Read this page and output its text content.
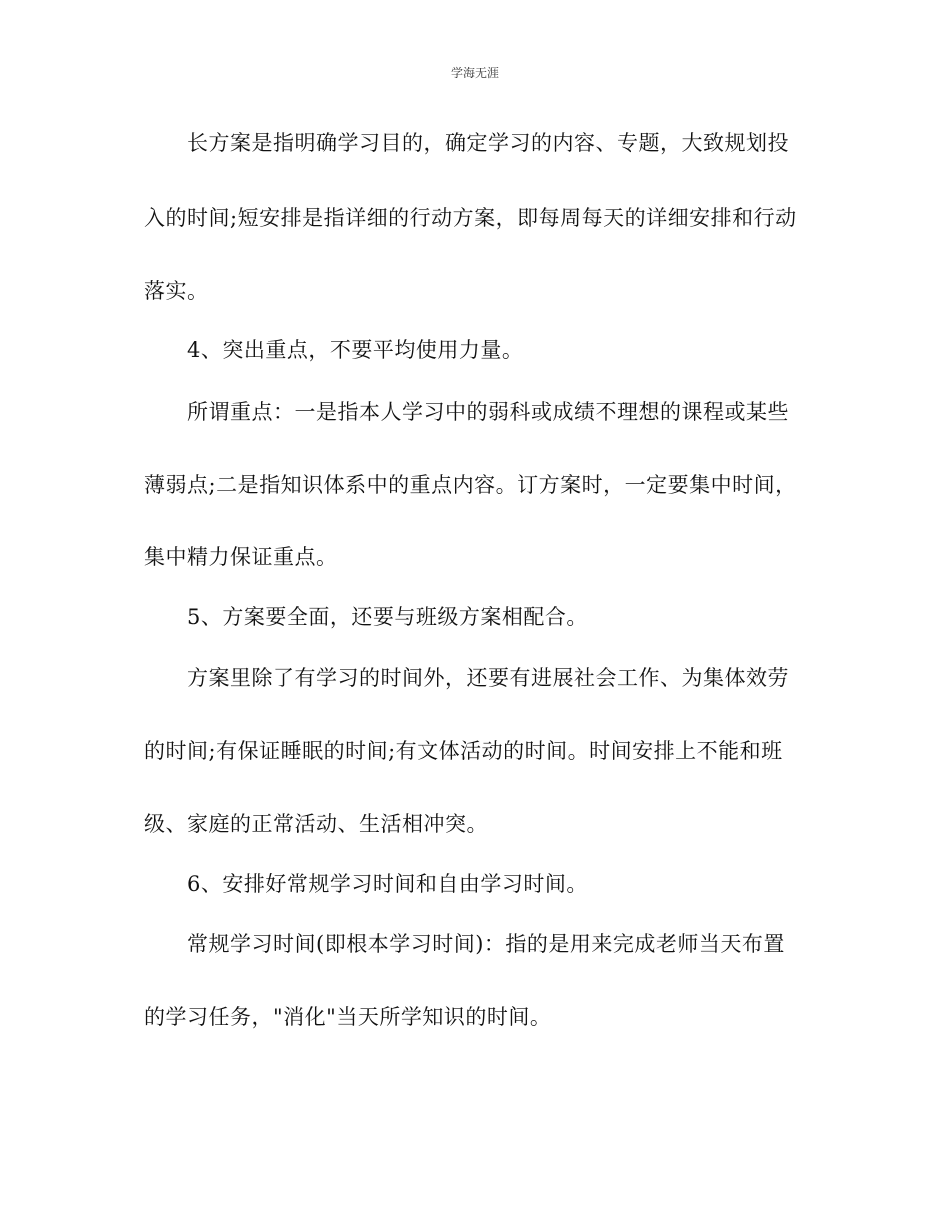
学海无涯
　　长方案是指明确学习目的，确定学习的内容、专题，大致规划投
入的时间;短安排是指详细的行动方案，即每周每天的详细安排和行动
落实。
　　4、突出重点，不要平均使用力量。
　　所谓重点：一是指本人学习中的弱科或成绩不理想的课程或某些
薄弱点;二是指知识体系中的重点内容。订方案时，一定要集中时间，
集中精力保证重点。
　　5、方案要全面，还要与班级方案相配合。
　　方案里除了有学习的时间外，还要有进展社会工作、为集体效劳
的时间;有保证睡眠的时间;有文体活动的时间。时间安排上不能和班
级、家庭的正常活动、生活相冲突。
　　6、安排好常规学习时间和自由学习时间。
　　常规学习时间(即根本学习时间)：指的是用来完成老师当天布置
的学习任务，"消化"当天所学知识的时间。
